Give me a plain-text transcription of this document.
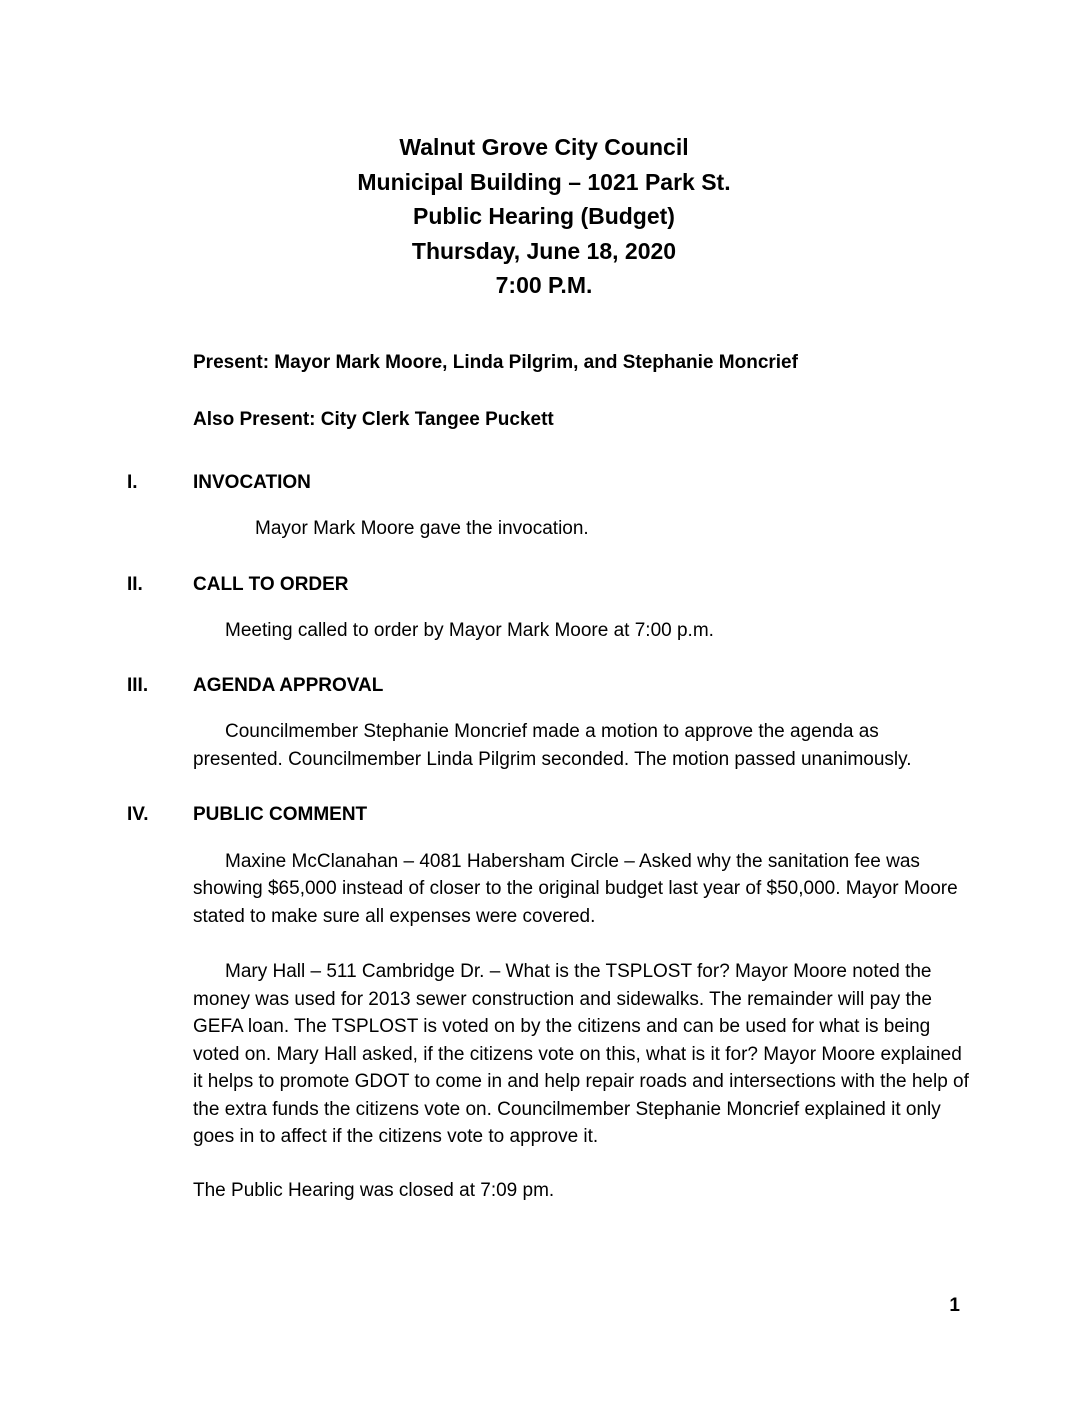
Walnut Grove City Council
Municipal Building – 1021 Park St.
Public Hearing (Budget)
Thursday, June 18, 2020
7:00 P.M.

Present: Mayor Mark Moore, Linda Pilgrim, and Stephanie Moncrief

Also Present: City Clerk Tangee Puckett

I.	INVOCATION

Mayor Mark Moore gave the invocation.

II.	CALL TO ORDER

Meeting called to order by Mayor Mark Moore at 7:00 p.m.

III. AGENDA APPROVAL

Councilmember Stephanie Moncrief made a motion to approve the agenda as presented. Councilmember Linda Pilgrim seconded. The motion passed unanimously.

IV. PUBLIC COMMENT

Maxine McClanahan – 4081 Habersham Circle – Asked why the sanitation fee was showing $65,000 instead of closer to the original budget last year of $50,000. Mayor Moore stated to make sure all expenses were covered.

Mary Hall – 511 Cambridge Dr. – What is the TSPLOST for? Mayor Moore noted the money was used for 2013 sewer construction and sidewalks. The remainder will pay the GEFA loan. The TSPLOST is voted on by the citizens and can be used for what is being voted on. Mary Hall asked, if the citizens vote on this, what is it for? Mayor Moore explained it helps to promote GDOT to come in and help repair roads and intersections with the help of the extra funds the citizens vote on. Councilmember Stephanie Moncrief explained it only goes in to affect if the citizens vote to approve it.

The Public Hearing was closed at 7:09 pm.

1
